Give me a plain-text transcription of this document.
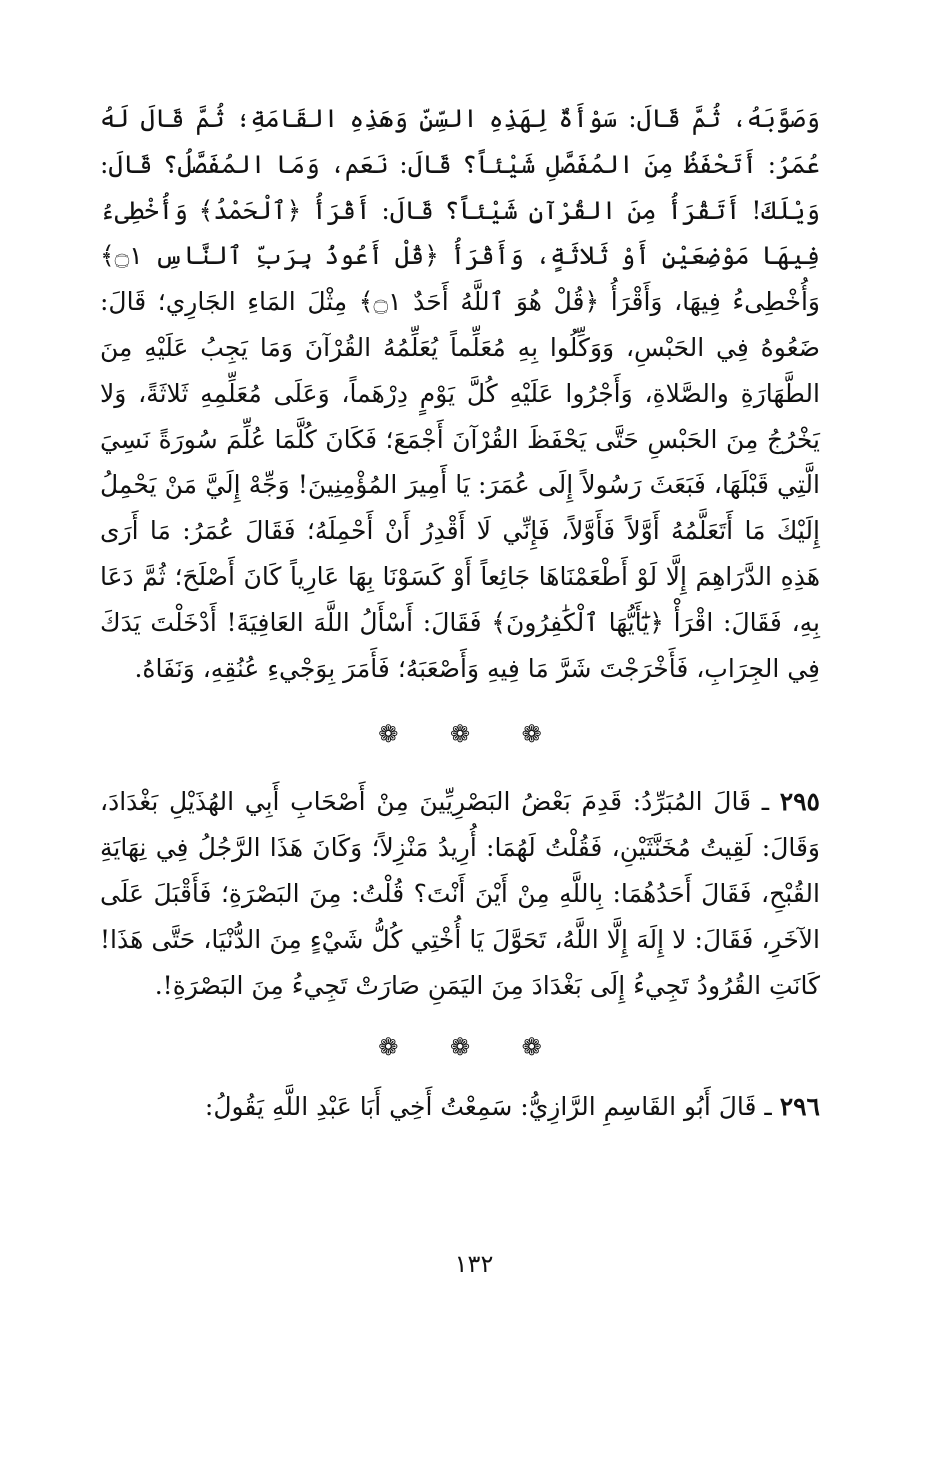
وَصَوَّبَهُ، ثُمَّ قَالَ: سَوْأَةٌ لِهَذِهِ السِّنِّ وَهَذِهِ القَامَةِ؛ ثُمَّ قَالَ لَهُ عُمَرُ: أَتَحْفَظُ مِنَ المُفَصَّلِ شَيْئاً؟ قَالَ: نَعَم، وَمَا المُفَصَّلُ؟ قَالَ: وَيْلَكَ! أَتَقْرَأُ مِنَ القُرْآنِ شَيْئاً؟ قَالَ: أَقْرَأُ ﴿ٱلْحَمْدُ﴾ وَأُخْطِىءُ فِيهَا مَوْضِعَيْنِ أَوْ ثَلاثَةٍ، وَأَقْرَأُ ﴿قُلْ أَعُوذُ بِرَبِّ ٱلنَّاسِ ۝١﴾ وَأُخْطِىءُ فِيهَا، وَأَقْرَأُ ﴿قُلْ هُوَ ٱللَّهُ أَحَدٌ ۝١﴾ مِثْلَ المَاءِ الجَارِي؛ قَالَ: ضَعُوهُ فِي الحَبْسِ، وَوَكِّلُوا بِهِ مُعَلِّماً يُعَلِّمُهُ القُرْآنَ وَمَا يَجِبُ عَلَيْهِ مِنَ الطَّهَارَةِ والصَّلاةِ، وَأَجْرُوا عَلَيْهِ كُلَّ يَوْمٍ دِرْهَماً، وَعَلَى مُعَلِّمِهِ ثَلاثَةً، وَلا يَخْرُجُ مِنَ الحَبْسِ حَتَّى يَحْفَظَ القُرْآنَ أَجْمَعَ؛ فَكَانَ كُلَّمَا عُلِّمَ سُورَةً نَسِيَ الَّتِي قَبْلَهَا، فَبَعَثَ رَسُولاً إِلَى عُمَرَ: يَا أَمِيرَ المُؤْمِنِينَ! وَجِّهْ إِلَيَّ مَنْ يَحْمِلُ إِلَيْكَ مَا أَتَعَلَّمُهُ أَوَّلاً فَأَوَّلاً، فَإِنِّي لَا أَقْدِرُ أَنْ أَحْمِلَهُ؛ فَقَالَ عُمَرُ: مَا أَرَى هَذِهِ الدَّرَاهِمَ إِلَّا لَوْ أَطْعَمْنَاهَا جَائِعاً أَوْ كَسَوْنَا بِهَا عَارِياً كَانَ أَصْلَحَ؛ ثُمَّ دَعَا بِهِ، فَقَالَ: اقْرَأْ ﴿يَٰٓأَيُّهَا ٱلْكَٰفِرُونَ﴾ فَقَالَ: أَسْأَلُ اللَّهَ العَافِيَةَ! أَدْخَلْتَ يَدَكَ فِي الجِرَابِ، فَأَخْرَجْتَ شَرَّ مَا فِيهِ وَأَصْعَبَهُ؛ فَأَمَرَ بِوَجْيءِ عُنُقِهِ، وَنَفَاهُ.

❁ ❁ ❁

٢٩٥ ـ قَالَ المُبَرِّدُ: قَدِمَ بَعْضُ البَصْرِيِّينَ مِنْ أَصْحَابِ أَبِي الهُذَيْلِ بَغْدَادَ، وَقَالَ: لَقِيتُ مُخَنَّثَيْنِ، فَقُلْتُ لَهُمَا: أُرِيدُ مَنْزِلاً؛ وَكَانَ هَذَا الرَّجُلُ فِي نِهَايَةِ القُبْحِ، فَقَالَ أَحَدُهُمَا: بِاللَّهِ مِنْ أَيْنَ أَنْتَ؟ قُلْتُ: مِنَ البَصْرَةِ؛ فَأَقْبَلَ عَلَى الآخَرِ، فَقَالَ: لا إِلَهَ إِلَّا اللَّهُ، تَحَوَّلَ يَا أُخْتِي كُلُّ شَيْءٍ مِنَ الدُّنْيَا، حَتَّى هَذَا! كَانَتِ القُرُودُ تَجِيءُ إِلَى بَغْدَادَ مِنَ اليَمَنِ صَارَتْ تَجِيءُ مِنَ البَصْرَةِ!.

❁ ❁ ❁

٢٩٦ ـ قَالَ أَبُو القَاسِمِ الرَّازِيُّ: سَمِعْتُ أَخِي أَبَا عَبْدِ اللَّهِ يَقُولُ:

١٣٢
